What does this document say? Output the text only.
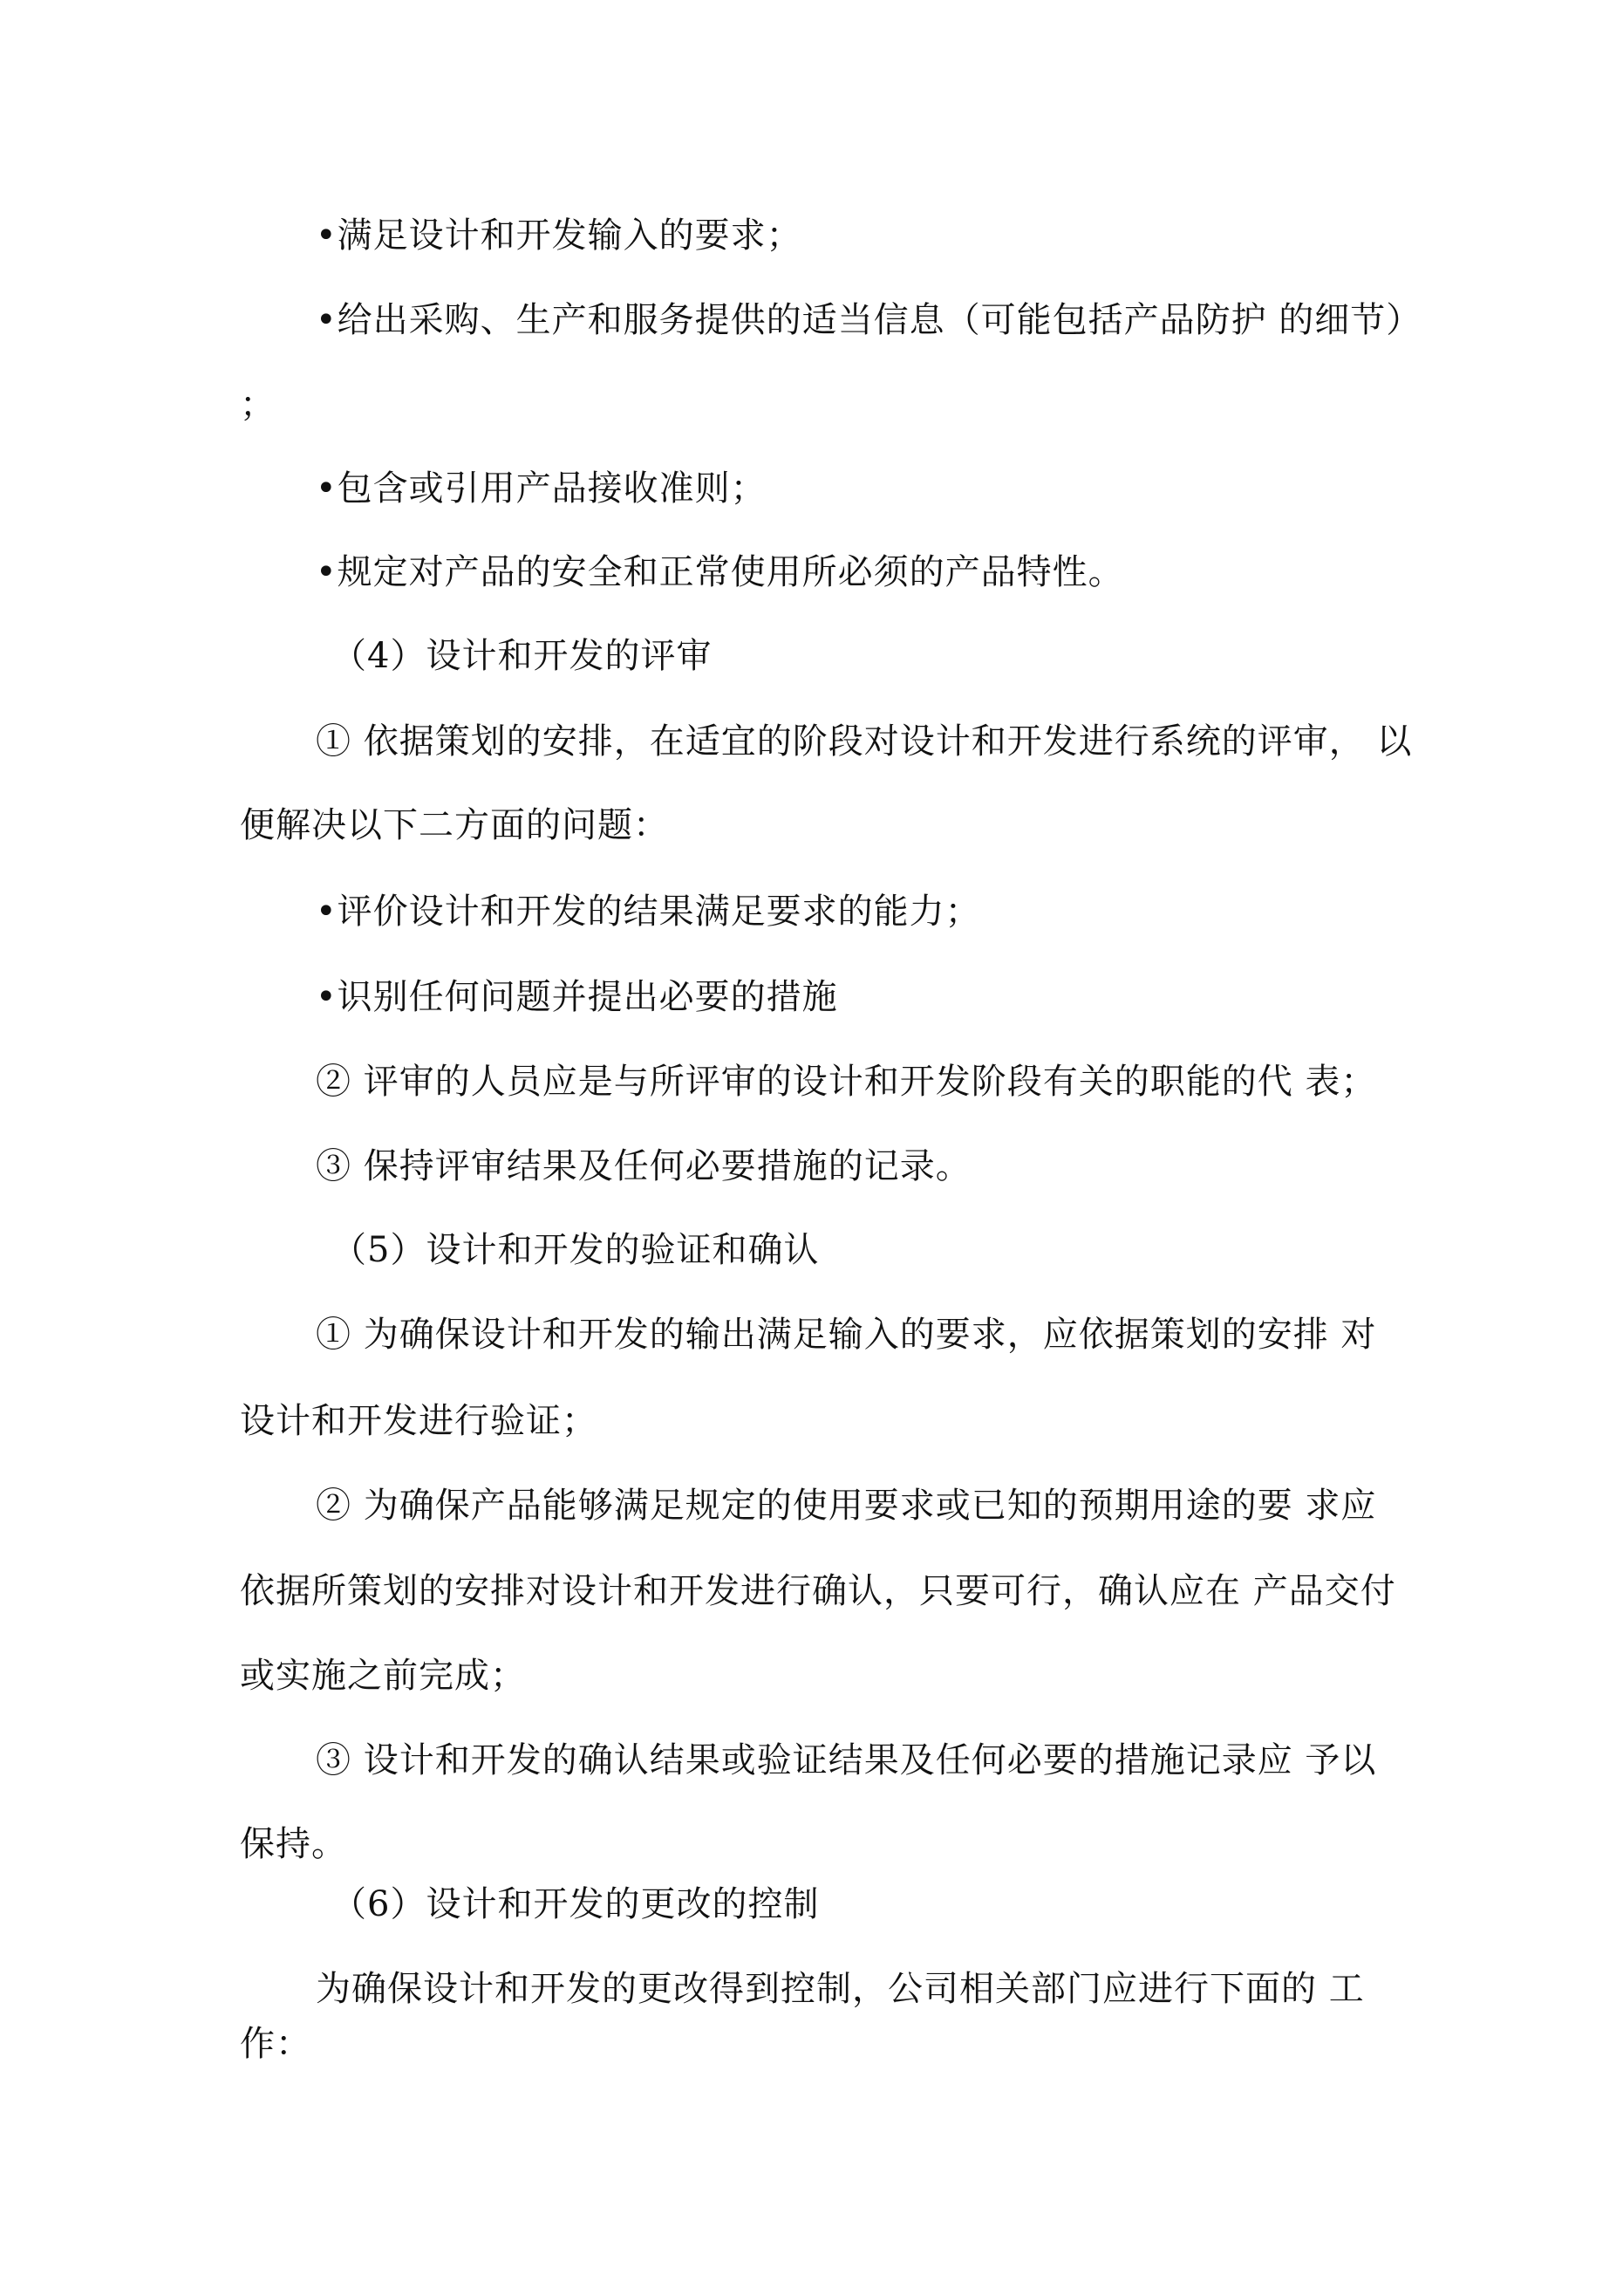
•满足设计和开发输入的要求；
•给出采购、生产和服务提供的适当信息（可能包括产品防护 的细节）
；
•包含或引用产品接收准则；
•规定对产品的安全和正常使用所必须的产品特性。
（4）设计和开发的评审
① 依据策划的安排，在适宜的阶段对设计和开发进行系统的评审， 以
便解决以下二方面的问题：
•评价设计和开发的结果满足要求的能力；
•识别任何问题并提出必要的措施
② 评审的人员应是与所评审的设计和开发阶段有关的职能的代 表；
③ 保持评审结果及任何必要措施的记录。
（5）设计和开发的验证和确认
① 为确保设计和开发的输出满足输入的要求，应依据策划的安排 对
设计和开发进行验证；
② 为确保产品能够满足规定的使用要求或已知的预期用途的要 求应
依据所策划的安排对设计和开发进行确认，只要可行，确认应在 产品交付
或实施之前完成；
③ 设计和开发的确认结果或验证结果及任何必要的措施记录应 予以
保持。
（6）设计和开发的更改的控制
为确保设计和开发的更改得到控制，公司相关部门应进行下面的 工
作：
